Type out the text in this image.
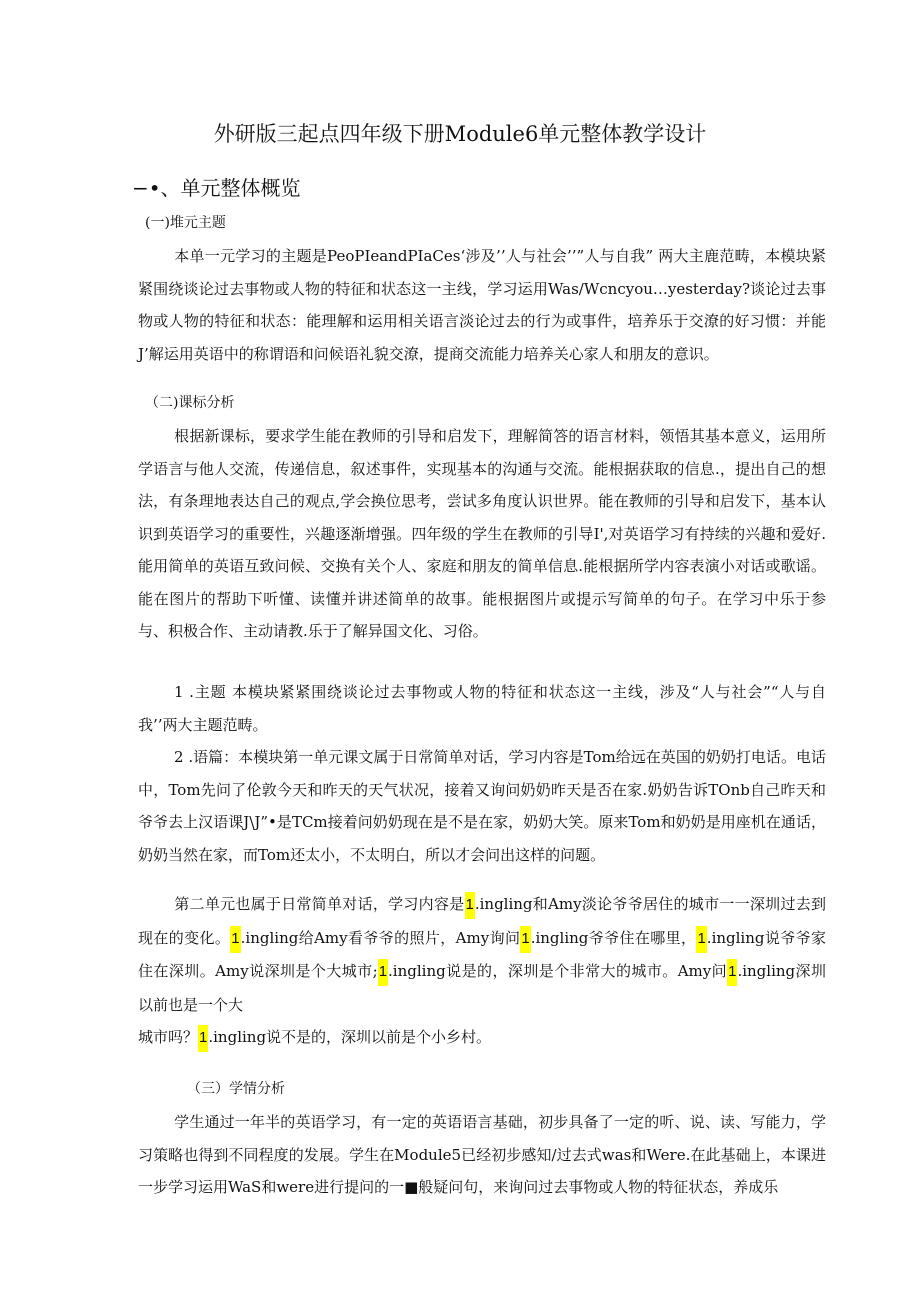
外研版三起点四年级下册Module6单元整体教学设计
−•、单元整体概览
(一)堆元主题

本单一元学习的主题是PeoPIeandPIaCes‘涉及’’人与社会’’”人与自我” 两大主鹿范畴，本模块紧紧围绕谈论过去事物或人物的特征和状态这一主线，学习运用Was/Wcncyou…yesterday?谈论过去事物或人物的特征和状态：能理解和运用相关语言淡论过去的行为或事件，培养乐于交潦的好习惯：并能J’解运用英语中的称谓语和问候语礼貌交潦，提商交流能力培养关心家人和朋友的意识。

（二)课标分析

根据新课标，要求学生能在教师的引导和启发下，理解简答的语言材料，领悟其基本意义，运用所学语言与他人交流，传递信息，叙述事件，实现基本的沟通与交流。能根据获取的信息.，提出自己的想法，有条理地表达自己的观点,学会换位思考，尝试多角度认识世界。能在教师的引导和启发下，基本认识到英语学习的重要性，兴趣逐渐增强。四年级的学生在教师的引导I',对英语学习有持续的兴趣和爱好.能用简单的英语互致问候、交换有关个人、家庭和朋友的简单信息.能根据所学内容表演小对话或歌谣。能在图片的帮助下听懂、读懂并讲述简单的故事。能根据图片或提示写简单的句子。在学习中乐于参与、积极合作、主动请教.乐于了解异国文化、习俗。

1 .主题 本模块紧紧围绕谈论过去事物或人物的特征和状态这一主线，涉及“人与社会”“人与自我’’两大主题范畴。

2 .语篇：本模块第一单元课文属于日常简单对话，学习内容是Tom给远在英国的奶奶打电话。电话中，Tom先问了伦敦今天和昨天的天气状况，接着又询问奶奶昨天是否在家.奶奶告诉TOnb自己昨天和爷爷去上汉语课J\J”•是TCm接着问奶奶现在是不是在家，奶奶大笑。原来Tom和奶奶是用座机在通话，奶奶当然在家，而Tom还太小，不太明白，所以才会问出这样的问题。

第二单元也属于日常简单对话，学习内容是1.ingling和Amy淡论爷爷居住的城市一一深圳过去到现在的变化。1.ingling给Amy看爷爷的照片，Amy询问1.ingling爷爷住在哪里，1.ingling说爷爷家住在深圳。Amy说深圳是个大城市;1.ingling说是的，深圳是个非常大的城市。Amy问1.ingling深圳以前也是一个大
城市吗？1.ingling说不是的，深圳以前是个小乡村。

（三）学情分析

学生通过一年半的英语学习，有一定的英语语言基础，初步具备了一定的听、说、读、写能力，学习策略也得到不同程度的发展。学生在Module5已经初步感知/过去式was和Were.在此基础上，本课进一步学习运用WaS和were进行提问的一■般疑问句，来询问过去事物或人物的特征状态，养成乐
